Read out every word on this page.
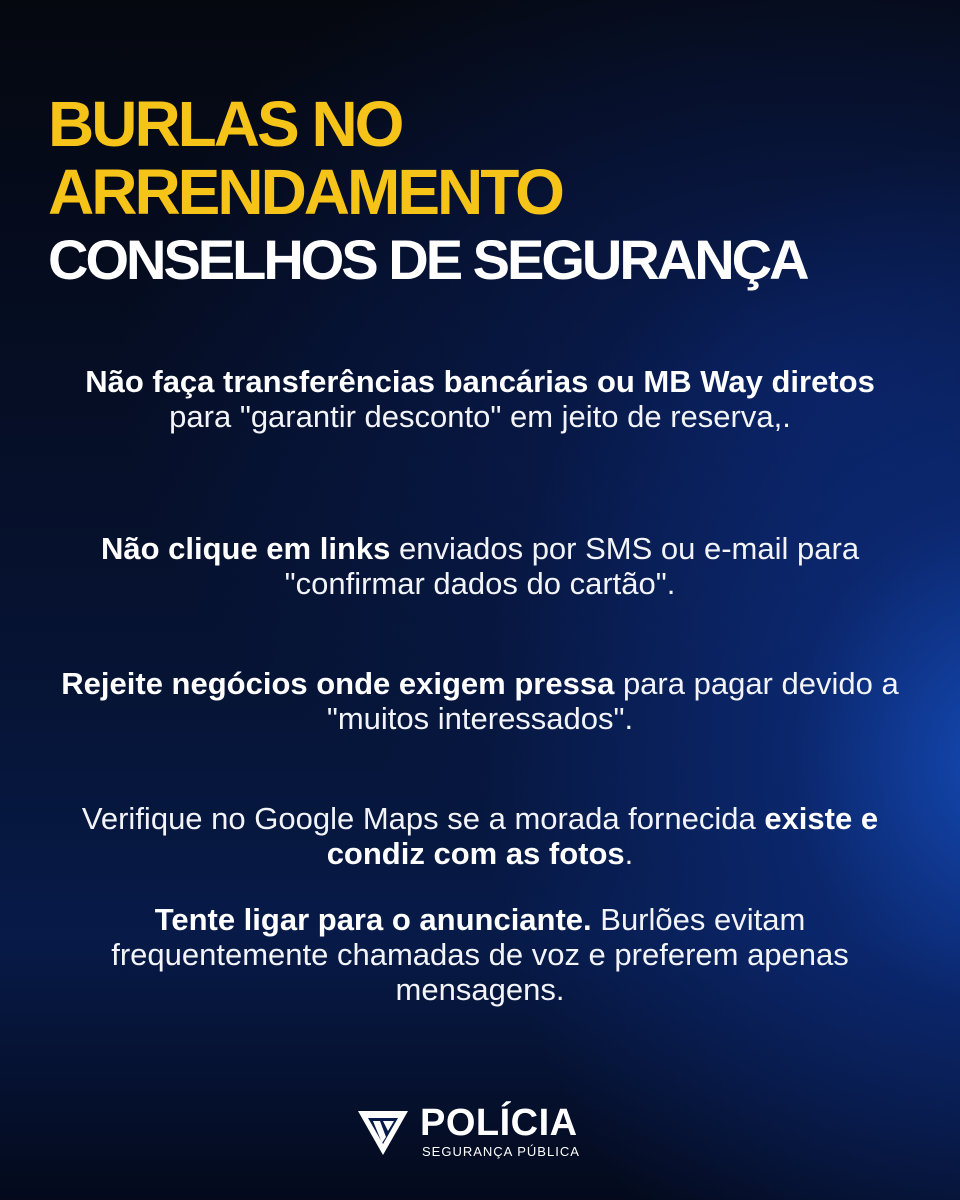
BURLAS NO
ARRENDAMENTO
CONSELHOS DE SEGURANÇA

Não faça transferências bancárias ou MB Way diretos para "garantir desconto" em jeito de reserva,.

Não clique em links enviados por SMS ou e-mail para "confirmar dados do cartão".

Rejeite negócios onde exigem pressa para pagar devido a "muitos interessados".

Verifique no Google Maps se a morada fornecida existe e condiz com as fotos.

Tente ligar para o anunciante. Burlões evitam frequentemente chamadas de voz e preferem apenas mensagens.

POLÍCIA
SEGURANÇA PÚBLICA
